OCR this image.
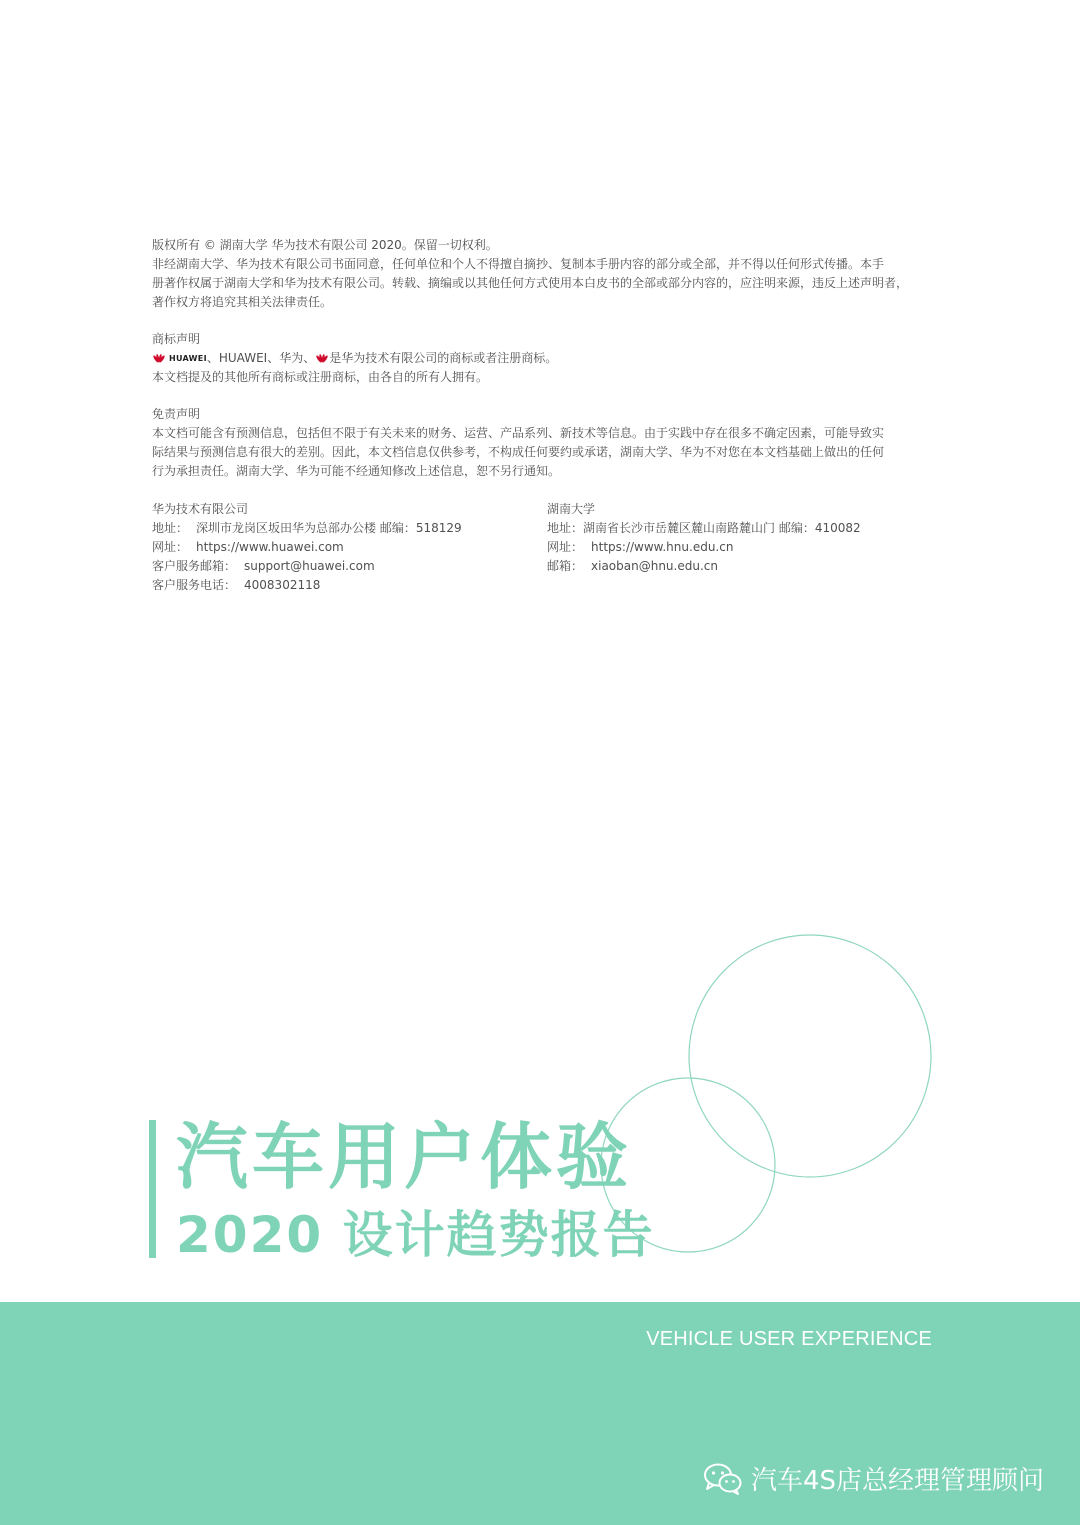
版权所有 © 湖南大学 华为技术有限公司 2020。保留一切权利。

非经湖南大学、华为技术有限公司书面同意，任何单位和个人不得擅自摘抄、复制本手册内容的部分或全部，并不得以任何形式传播。本手

册著作权属于湖南大学和华为技术有限公司。转载、摘编或以其他任何方式使用本白皮书的全部或部分内容的，应注明来源，违反上述声明者，

著作权方将追究其相关法律责任。

商标声明

HUAWEI 、HUAWEI、华为、 是华为技术有限公司的商标或者注册商标。

本文档提及的其他所有商标或注册商标，由各自的所有人拥有。

免责声明

本文档可能含有预测信息，包括但不限于有关未来的财务、运营、产品系列、新技术等信息。由于实践中存在很多不确定因素，可能导致实

际结果与预测信息有很大的差别。因此，本文档信息仅供参考，不构成任何要约或承诺，湖南大学、华为不对您在本文档基础上做出的任何

行为承担责任。湖南大学、华为可能不经通知修改上述信息，恕不另行通知。

华为技术有限公司

地址： 深圳市龙岗区坂田华为总部办公楼 邮编：518129

网址： https://www.huawei.com

客户服务邮箱： support@huawei.com

客户服务电话： 4008302118

湖南大学

地址：湖南省长沙市岳麓区麓山南路麓山门 邮编：410082

网址： https://www.hnu.edu.cn

邮箱： xiaoban@hnu.edu.cn

汽车用户体验
2020 设计趋势报告
VEHICLE USER EXPERIENCE
汽车4S店总经理管理顾问
